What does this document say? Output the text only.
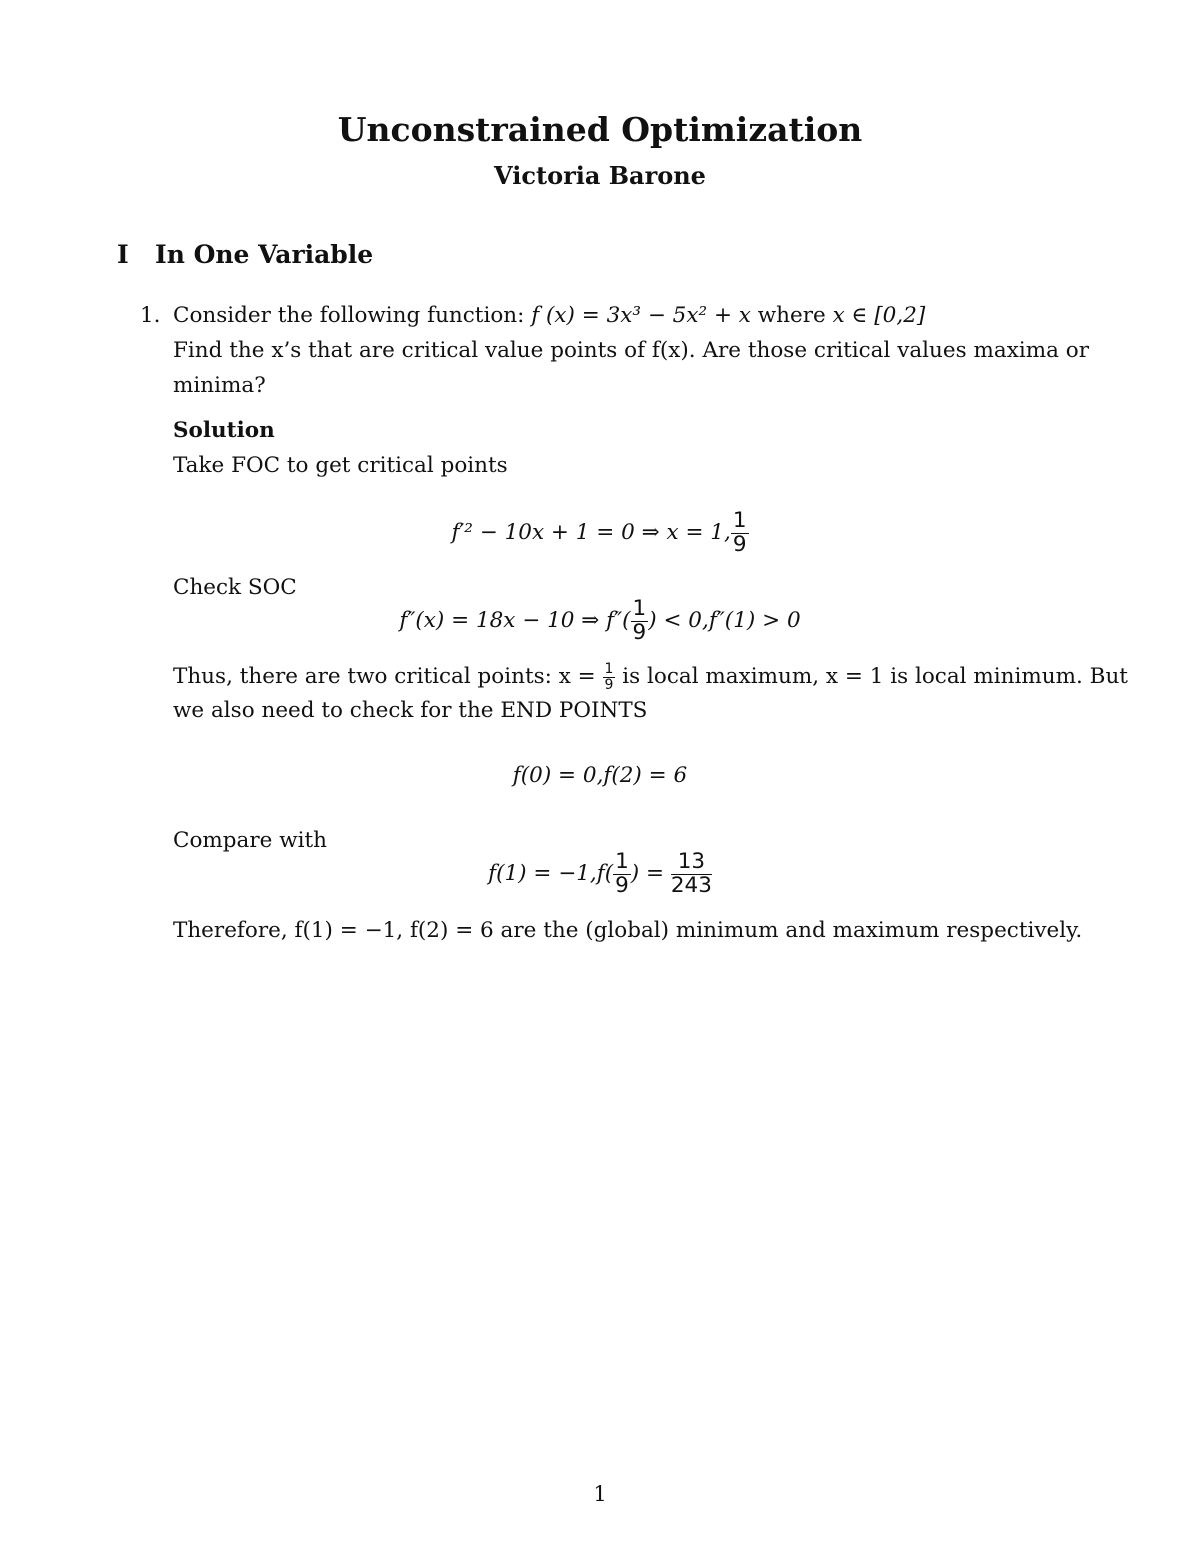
Unconstrained Optimization
Victoria Barone
I In One Variable
1. Consider the following function: f (x) = 3x³ − 5x² + x where x ∈ [0,2]
Find the x’s that are critical value points of f(x). Are those critical values maxima or
minima?
Solution
Take FOC to get critical points
f′² − 10x + 1 = 0 ⇒ x = 1, $\frac{1}{9}$
Check SOC
f″(x) = 18x − 10 ⇒ $f''( \frac{1}{9}$ ) < 0,f″(1) > 0
Thus, there are two critical points: $x = \frac{1}{9}$ is local maximum, x = 1 is local minimum. But
we also need to check for the END POINTS
f(0) = 0,f(2) = 6
Compare with
$f(1) = -1,f( \frac{1}{9}$ ) = $\frac{13}{243}$
Therefore, f(1) = −1, f(2) = 6 are the (global) minimum and maximum respectively.
1
